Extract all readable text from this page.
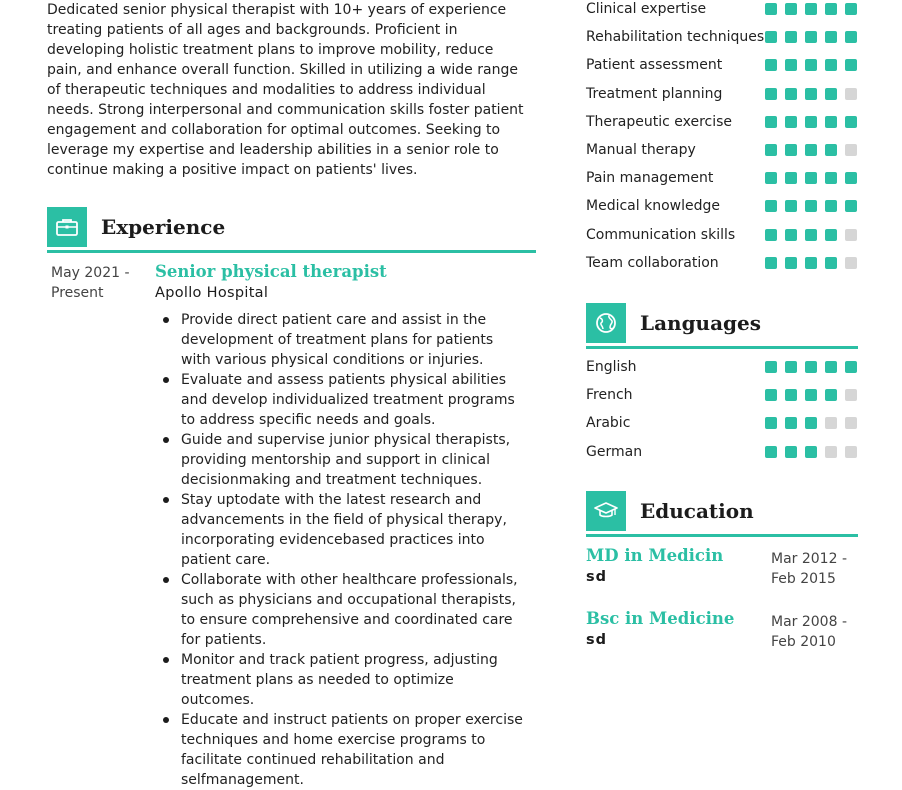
Dedicated senior physical therapist with 10+ years of experience treating patients of all ages and backgrounds. Proficient in developing holistic treatment plans to improve mobility, reduce pain, and enhance overall function. Skilled in utilizing a wide range of therapeutic techniques and modalities to address individual needs. Strong interpersonal and communication skills foster patient engagement and collaboration for optimal outcomes. Seeking to leverage my expertise and leadership abilities in a senior role to continue making a positive impact on patients' lives.

Experience
May 2021 - Present
Senior physical therapist
Apollo Hospital
Provide direct patient care and assist in the development of treatment plans for patients with various physical conditions or injuries.
Evaluate and assess patients physical abilities and develop individualized treatment programs to address specific needs and goals.
Guide and supervise junior physical therapists, providing mentorship and support in clinical decisionmaking and treatment techniques.
Stay uptodate with the latest research and advancements in the field of physical therapy, incorporating evidencebased practices into patient care.
Collaborate with other healthcare professionals, such as physicians and occupational therapists, to ensure comprehensive and coordinated care for patients.
Monitor and track patient progress, adjusting treatment plans as needed to optimize outcomes.
Educate and instruct patients on proper exercise techniques and home exercise programs to facilitate continued rehabilitation and selfmanagement.
Clinical expertise
Rehabilitation techniques
Patient assessment
Treatment planning
Therapeutic exercise
Manual therapy
Pain management
Medical knowledge
Communication skills
Team collaboration
Languages
English
French
Arabic
German
Education
MD in Medicin
sd
Mar 2012 - Feb 2015
Bsc in Medicine
sd
Mar 2008 - Feb 2010
